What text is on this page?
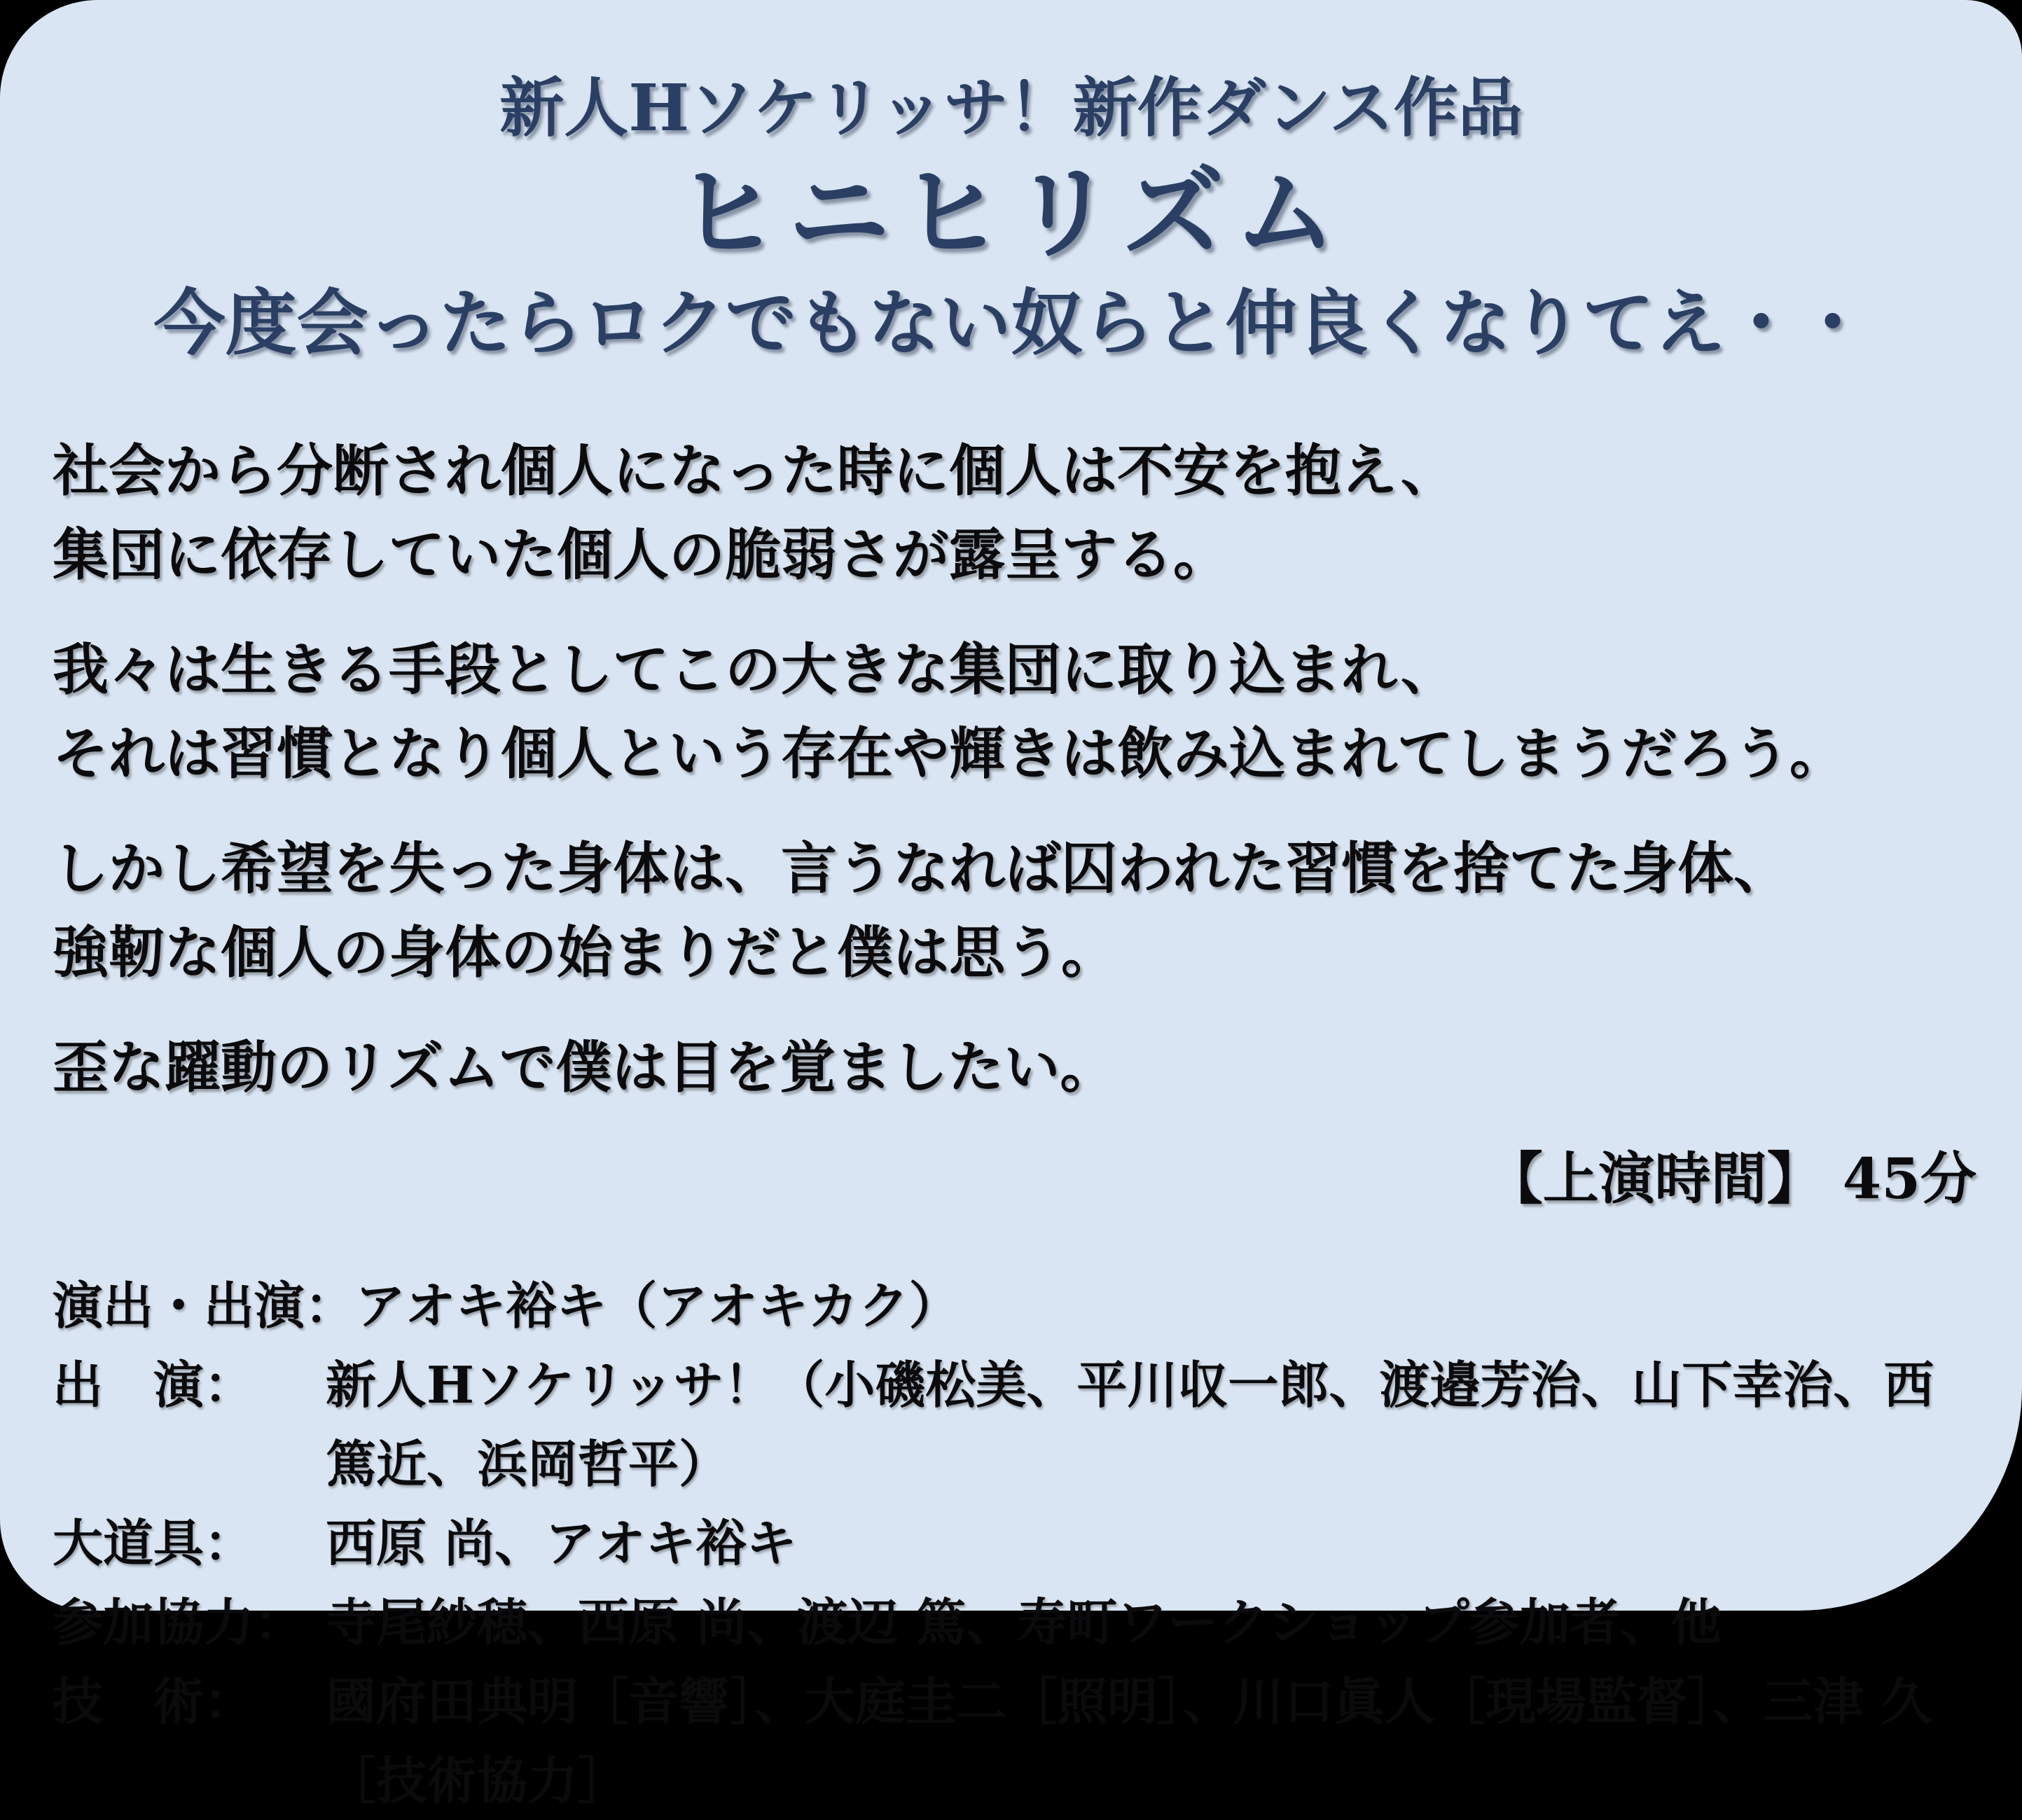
新人Hソケリッサ！新作ダンス作品
ヒニヒリズム
今度会ったらロクでもない奴らと仲良くなりてえ・・
社会から分断され個人になった時に個人は不安を抱え、
集団に依存していた個人の脆弱さが露呈する。
我々は生きる手段としてこの大きな集団に取り込まれ、
それは習慣となり個人という存在や輝きは飲み込まれてしまうだろう。
しかし希望を失った身体は、言うなれば囚われた習慣を捨てた身体、
強靭な個人の身体の始まりだと僕は思う。
歪な躍動のリズムで僕は目を覚ましたい。
【上演時間】 45分
演出・出演： アオキ裕キ（アオキカク）
出　演：	新人Hソケリッサ！（小磯松美、平川収一郎、渡邉芳治、山下幸治、西篤近、浜岡哲平）
大道具：	西原 尚、アオキ裕キ
参加協力： 寺尾紗穂、西原 尚、渡辺 篤、寿町ワークショップ参加者、他
技　術：	國府田典明［音響］、大庭圭二［照明］、川口眞人［現場監督］、三津 久［技術協力］
